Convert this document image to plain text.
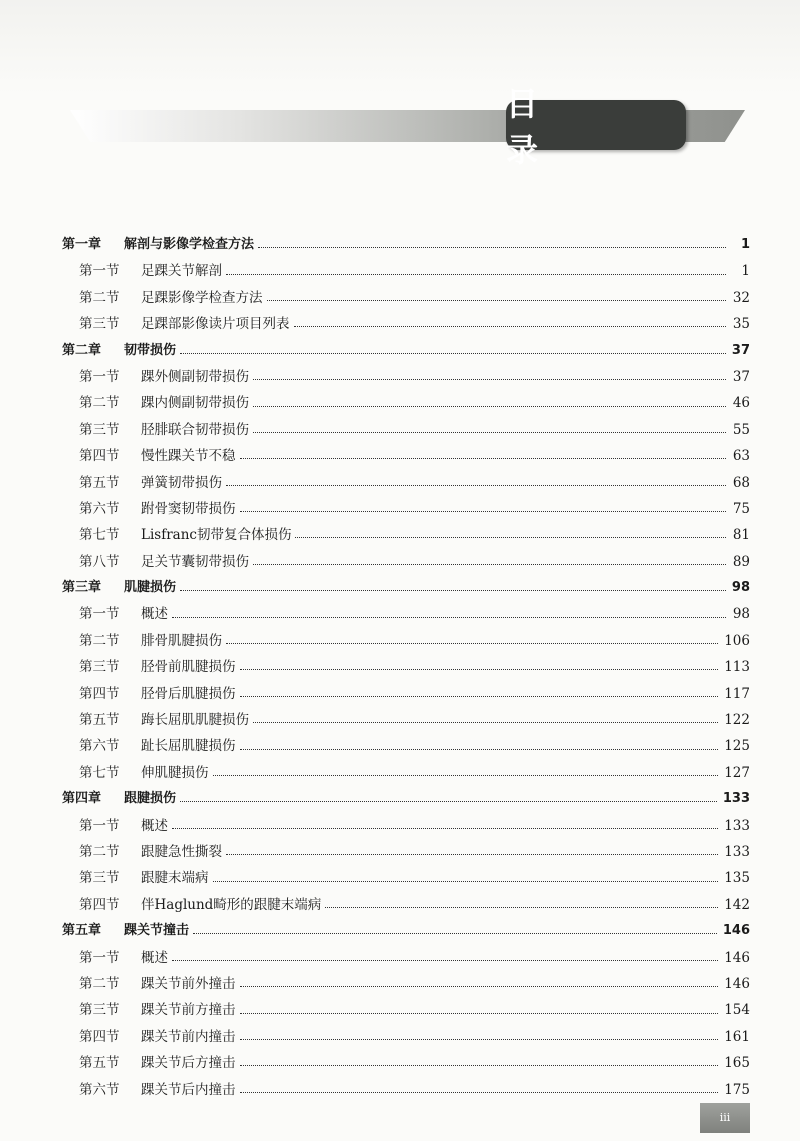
目　录
第一章	解剖与影像学检查方法	1
第一节	足踝关节解剖	1
第二节	足踝影像学检查方法	32
第三节	足踝部影像读片项目列表	35
第二章	韧带损伤	37
第一节	踝外侧副韧带损伤	37
第二节	踝内侧副韧带损伤	46
第三节	胫腓联合韧带损伤	55
第四节	慢性踝关节不稳	63
第五节	弹簧韧带损伤	68
第六节	跗骨窦韧带损伤	75
第七节	Lisfranc韧带复合体损伤	81
第八节	足关节囊韧带损伤	89
第三章	肌腱损伤	98
第一节	概述	98
第二节	腓骨肌腱损伤	106
第三节	胫骨前肌腱损伤	113
第四节	胫骨后肌腱损伤	117
第五节	踇长屈肌肌腱损伤	122
第六节	趾长屈肌腱损伤	125
第七节	伸肌腱损伤	127
第四章	跟腱损伤	133
第一节	概述	133
第二节	跟腱急性撕裂	133
第三节	跟腱末端病	135
第四节	伴Haglund畸形的跟腱末端病	142
第五章	踝关节撞击	146
第一节	概述	146
第二节	踝关节前外撞击	146
第三节	踝关节前方撞击	154
第四节	踝关节前内撞击	161
第五节	踝关节后方撞击	165
第六节	踝关节后内撞击	175
iii
